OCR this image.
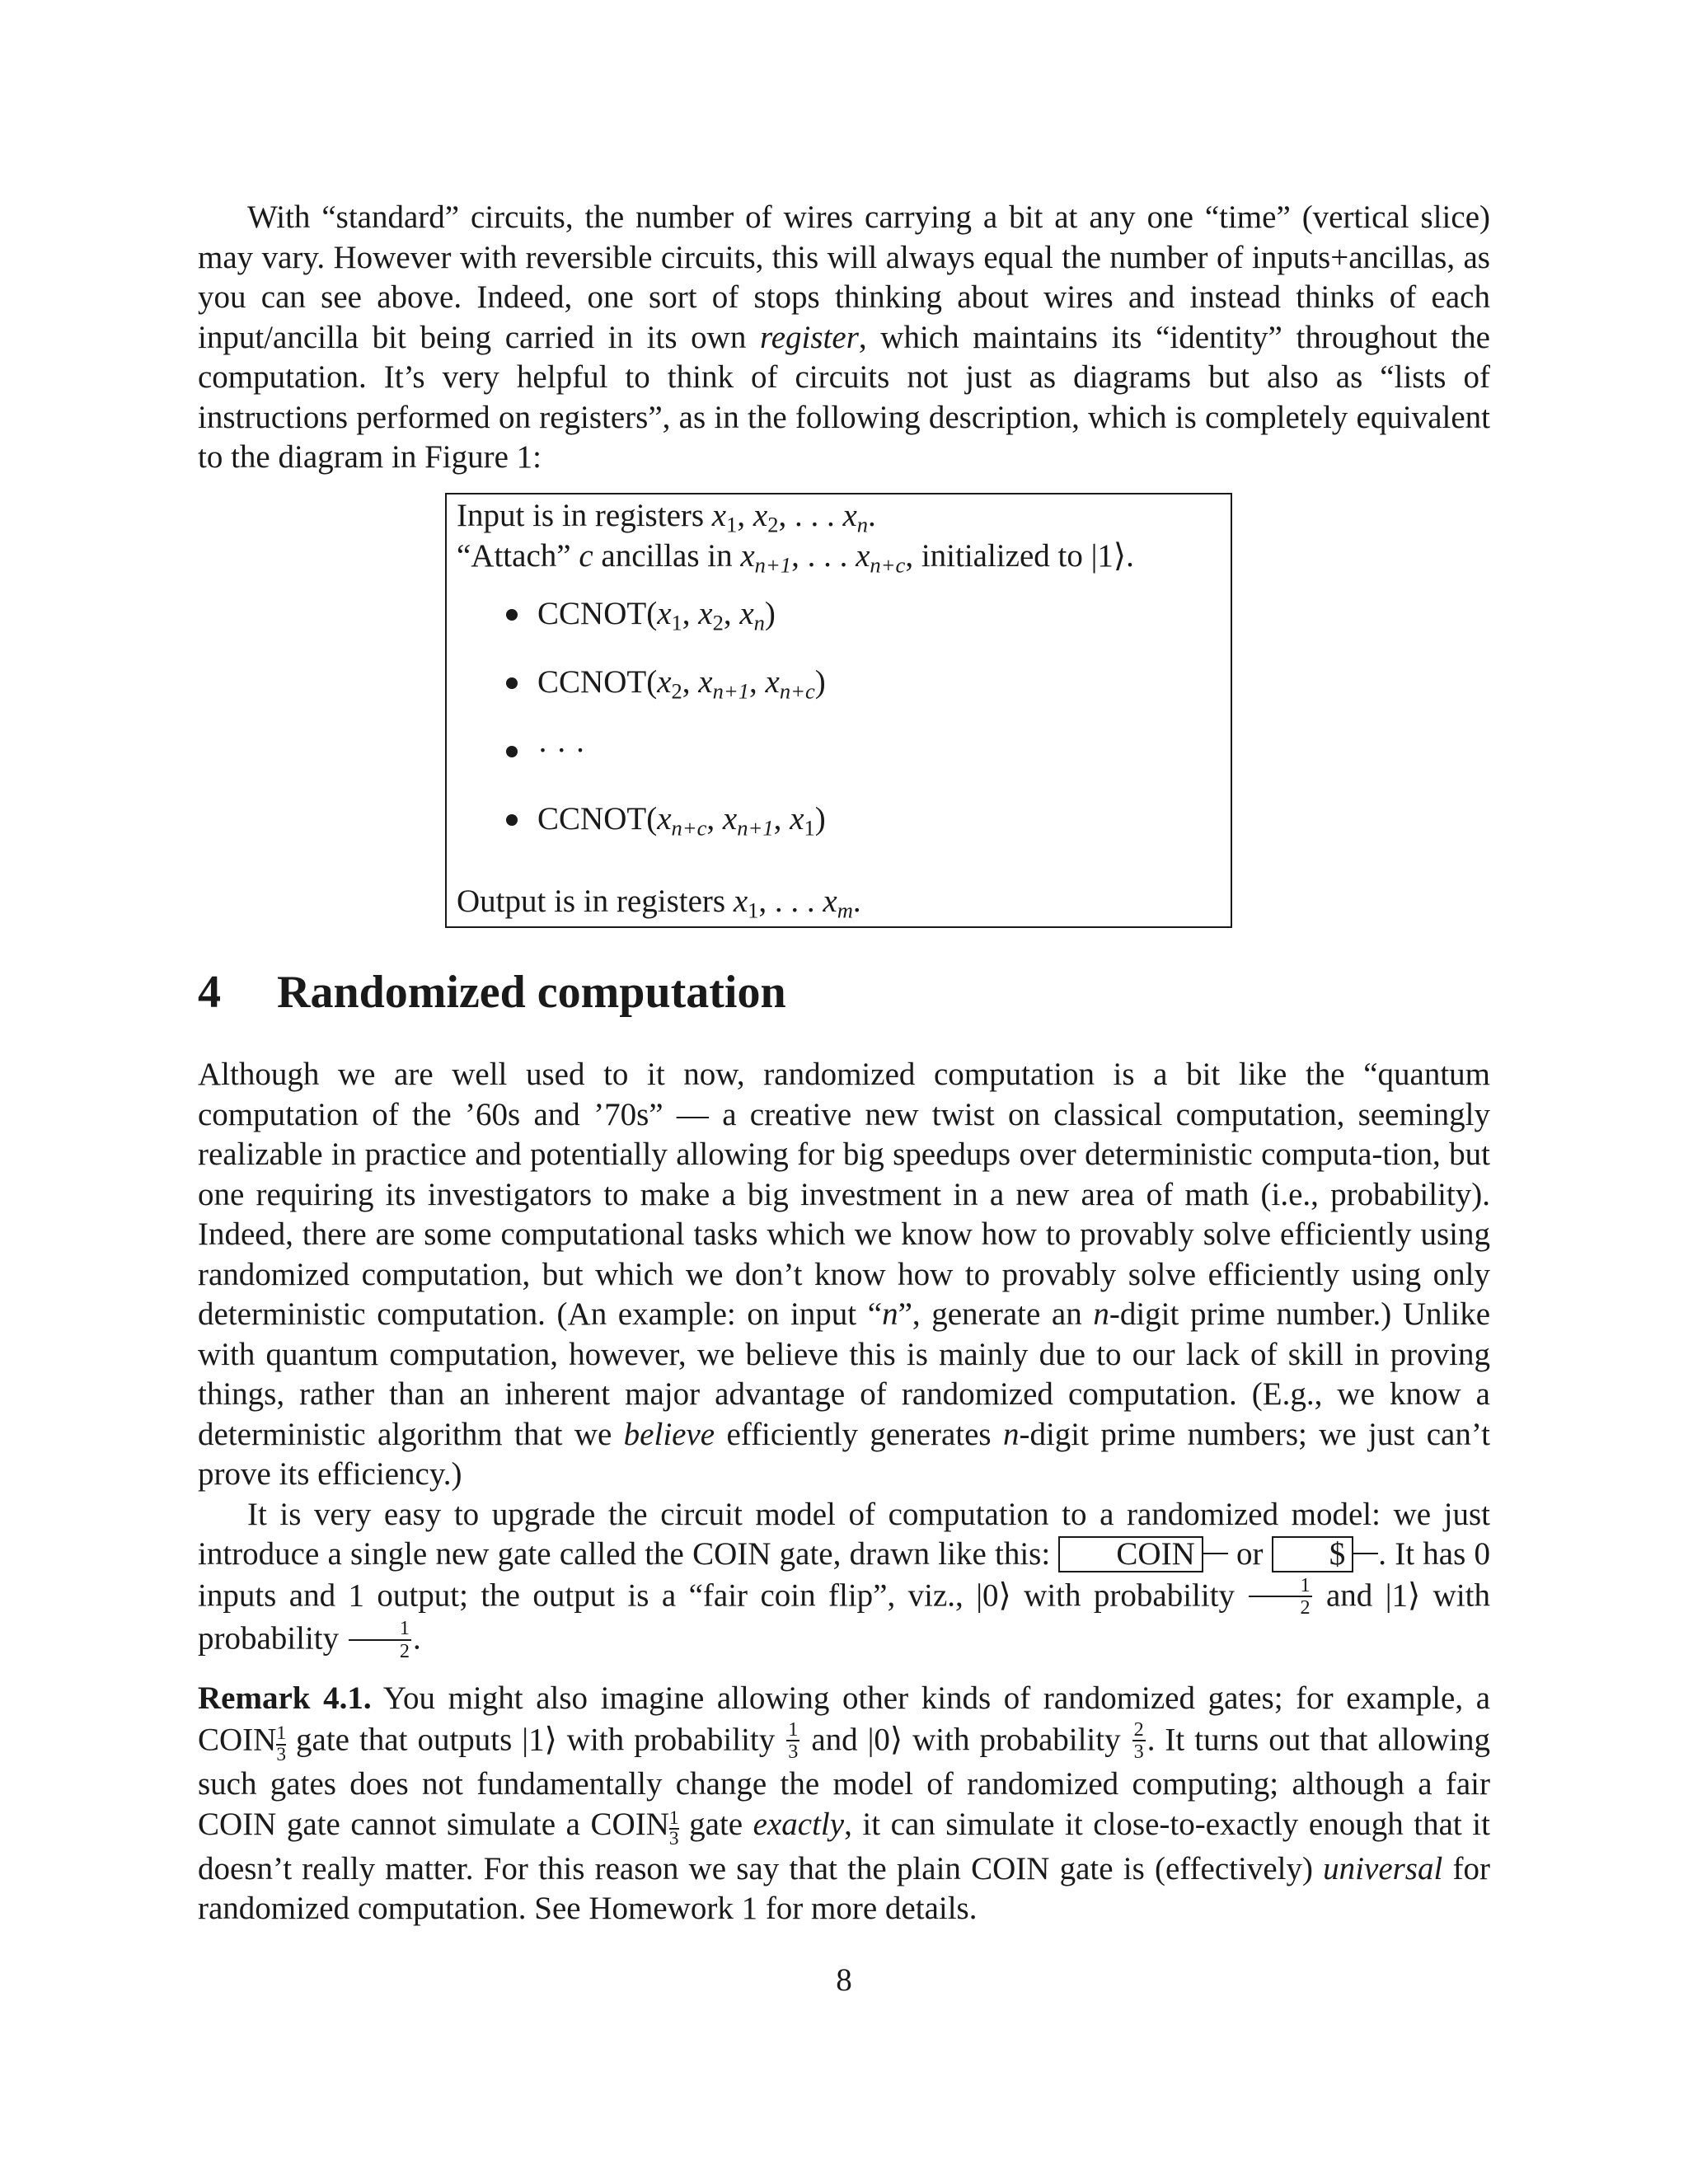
With “standard” circuits, the number of wires carrying a bit at any one “time” (vertical slice) may vary. However with reversible circuits, this will always equal the number of inputs+ancillas, as you can see above. Indeed, one sort of stops thinking about wires and instead thinks of each input/ancilla bit being carried in its own register, which maintains its “identity” throughout the computation. It’s very helpful to think of circuits not just as diagrams but also as “lists of instructions performed on registers”, as in the following description, which is completely equivalent to the diagram in Figure 1:

Input is in registers $x_1$, $x_2$, . . . $x_n$.
“Attach” c ancillas in $x_{n+1}$, . . . $x_{n+c}$, initialized to |1⟩.
$CCNOT(x_1$, $x_2$, $x_n$)
$CCNOT(x_2$, $x_{n+1}$, $x_{n+c}$)
· · ·
$CCNOT(x_{n+c}$, $x_{n+1}$, $x_1$)
Output is in registers $x_1$, . . . $x_m$.
4 Randomized computation

Although we are well used to it now, randomized computation is a bit like the “quantum computation of the ’60s and ’70s” — a creative new twist on classical computation, seemingly realizable in practice and potentially allowing for big speedups over deterministic computa-tion, but one requiring its investigators to make a big investment in a new area of math (i.e., probability). Indeed, there are some computational tasks which we know how to provably solve efficiently using randomized computation, but which we don’t know how to provably solve efficiently using only deterministic computation. (An example: on input “n”, generate an n-digit prime number.) Unlike with quantum computation, however, we believe this is mainly due to our lack of skill in proving things, rather than an inherent major advantage of randomized computation. (E.g., we know a deterministic algorithm that we believe efficiently generates n-digit prime numbers; we just can’t prove its efficiency.)

It is very easy to upgrade the circuit model of computation to a randomized model: we just introduce a single new gate called the COIN gate, drawn like this: COIN or $ . It has 0 inputs and 1 output; the output is a “fair coin flip”, viz., |0⟩ with probability $\frac{1}{2}$ and |1⟩ with probability $\frac{1}{2}$ .

Remark 4.1. You might also imagine allowing other kinds of randomized gates; for example, a COIN $\frac{1}{3}$ gate that outputs |1⟩ with probability $\frac{1}{3}$ and |0⟩ with probability $\frac{2}{3}$ . It turns out that allowing such gates does not fundamentally change the model of randomized computing; although a fair COIN gate cannot simulate a COIN $\frac{1}{3}$ gate exactly, it can simulate it close-to-exactly enough that it doesn’t really matter. For this reason we say that the plain COIN gate is (effectively) universal for randomized computation. See Homework 1 for more details.

8
